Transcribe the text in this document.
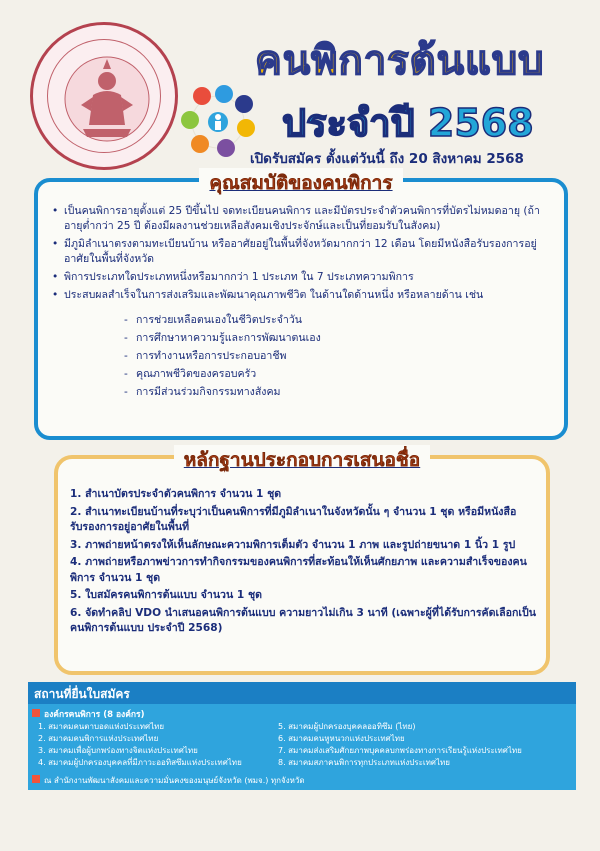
คนพิการต้นแบบ
ประจำปี 2568
เปิดรับสมัคร ตั้งแต่วันนี้ ถึง 20 สิงหาคม 2568
คุณสมบัติของคนพิการ
• เป็นคนพิการอายุตั้งแต่ 25 ปีขึ้นไป จดทะเบียนคนพิการ และมีบัตรประจำตัวคนพิการที่บัตรไม่หมดอายุ (ถ้าอายุต่ำกว่า 25 ปี ต้องมีผลงานช่วยเหลือสังคมเชิงประจักษ์และเป็นที่ยอมรับในสังคม)
• มีภูมิลำเนาตรงตามทะเบียนบ้าน หรืออาศัยอยู่ในพื้นที่จังหวัดมากกว่า 12 เดือน โดยมีหนังสือรับรองการอยู่อาศัยในพื้นที่จังหวัด
• พิการประเภทใดประเภทหนึ่งหรือมากกว่า 1 ประเภท ใน 7 ประเภทความพิการ
• ประสบผลสำเร็จในการส่งเสริมและพัฒนาคุณภาพชีวิต ในด้านใดด้านหนึ่ง หรือหลายด้าน เช่น
- การช่วยเหลือตนเองในชีวิตประจำวัน
- การศึกษาหาความรู้และการพัฒนาตนเอง
- การทำงานหรือการประกอบอาชีพ
- คุณภาพชีวิตของครอบครัว
- การมีส่วนร่วมกิจกรรมทางสังคม
หลักฐานประกอบการเสนอชื่อ
1. สำเนาบัตรประจำตัวคนพิการ จำนวน 1 ชุด
2. สำเนาทะเบียนบ้านที่ระบุว่าเป็นคนพิการที่มีภูมิลำเนาในจังหวัดนั้น ๆ จำนวน 1 ชุด หรือมีหนังสือรับรองการอยู่อาศัยในพื้นที่
3. ภาพถ่ายหน้าตรงให้เห็นลักษณะความพิการเต็มตัว จำนวน 1 ภาพ และรูปถ่ายขนาด 1 นิ้ว 1 รูป
4. ภาพถ่ายหรือภาพข่าวการทำกิจกรรมของคนพิการที่สะท้อนให้เห็นศักยภาพ และความสำเร็จของคนพิการ จำนวน 1 ชุด
5. ใบสมัครคนพิการต้นแบบ จำนวน 1 ชุด
6. จัดทำคลิป VDO นำเสนอคนพิการต้นแบบ ความยาวไม่เกิน 3 นาที (เฉพาะผู้ที่ได้รับการคัดเลือกเป็นคนพิการต้นแบบ ประจำปี 2568)
สถานที่ยื่นใบสมัคร
องค์กรคนพิการ (8 องค์กร)
1. สมาคมคนตาบอดแห่งประเทศไทย
2. สมาคมคนพิการแห่งประเทศไทย
3. สมาคมเพื่อผู้บกพร่องทางจิตแห่งประเทศไทย
4. สมาคมผู้ปกครองบุคคลที่มีภาวะออทิสซึมแห่งประเทศไทย
5. สมาคมผู้ปกครองบุคคลออทิซึม (ไทย)
6. สมาคมคนหูหนวกแห่งประเทศไทย
7. สมาคมส่งเสริมศักยภาพบุคคลบกพร่องทางการเรียนรู้แห่งประเทศไทย
8. สมาคมสภาคนพิการทุกประเภทแห่งประเทศไทย
ณ สำนักงานพัฒนาสังคมและความมั่นคงของมนุษย์จังหวัด (พมจ.) ทุกจังหวัด
